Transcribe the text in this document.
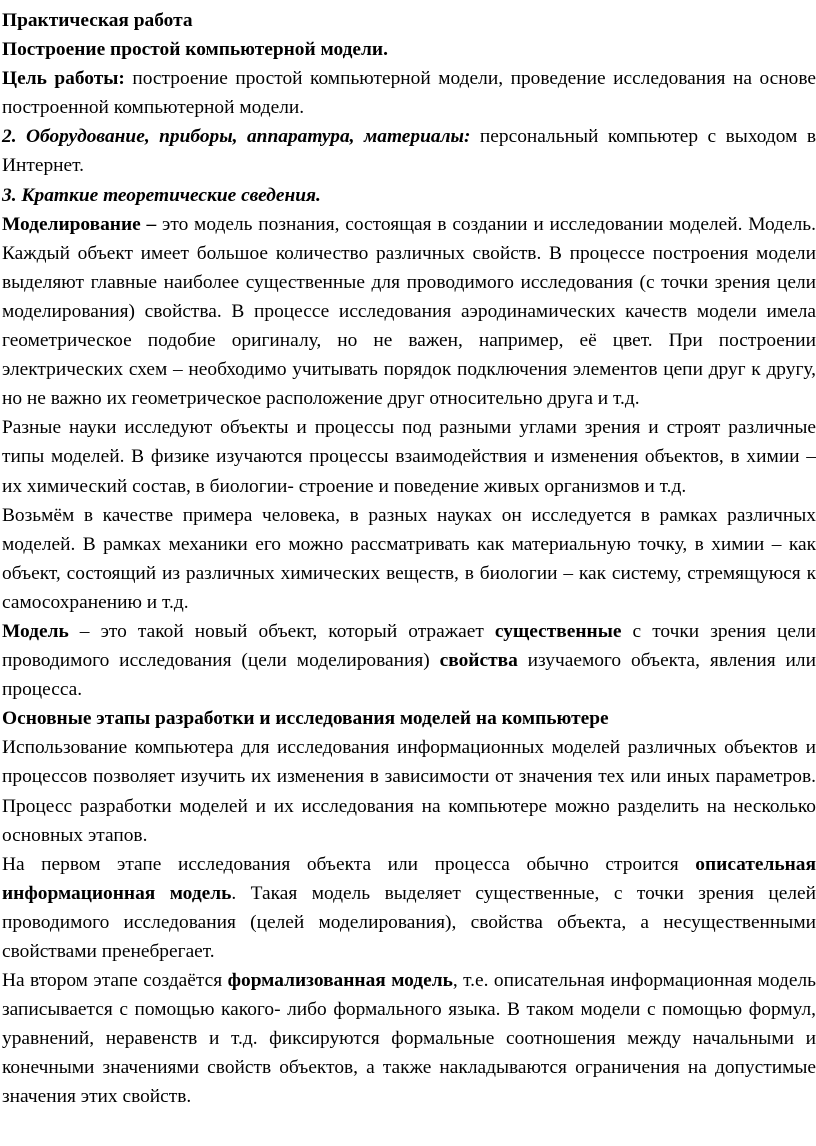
Практическая работа

Построение простой компьютерной модели.

Цель работы: построение простой компьютерной модели, проведение исследования на основе построенной компьютерной модели.

2. Оборудование, приборы, аппаратура, материалы: персональный компьютер с выходом в Интернет.

3. Краткие теоретические сведения.

Моделирование – это модель познания, состоящая в создании и исследовании моделей. Модель. Каждый объект имеет большое количество различных свойств. В процессе построения модели выделяют главные наиболее существенные для проводимого исследования (с точки зрения цели моделирования) свойства. В процессе исследования аэродинамических качеств модели имела геометрическое подобие оригиналу, но не важен, например, её цвет. При построении электрических схем – необходимо учитывать порядок подключения элементов цепи друг к другу, но не важно их геометрическое расположение друг относительно друга и т.д.

Разные науки исследуют объекты и процессы под разными углами зрения и строят различные типы моделей. В физике изучаются процессы взаимодействия и изменения объектов, в химии – их химический состав, в биологии- строение и поведение живых организмов и т.д.

Возьмём в качестве примера человека, в разных науках он исследуется в рамках различных моделей. В рамках механики его можно рассматривать как материальную точку, в химии – как объект, состоящий из различных химических веществ, в биологии – как систему, стремящуюся к самосохранению и т.д.

Модель – это такой новый объект, который отражает существенные с точки зрения цели проводимого исследования (цели моделирования) свойства изучаемого объекта, явления или процесса.

Основные этапы разработки и исследования моделей на компьютере

Использование компьютера для исследования информационных моделей различных объектов и процессов позволяет изучить их изменения в зависимости от значения тех или иных параметров. Процесс разработки моделей и их исследования на компьютере можно разделить на несколько основных этапов.

На первом этапе исследования объекта или процесса обычно строится описательная информационная модель. Такая модель выделяет существенные, с точки зрения целей проводимого исследования (целей моделирования), свойства объекта, а несущественными свойствами пренебрегает.

На втором этапе создаётся формализованная модель, т.е. описательная информационная модель записывается с помощью какого- либо формального языка. В таком модели с помощью формул, уравнений, неравенств и т.д. фиксируются формальные соотношения между начальными и конечными значениями свойств объектов, а также накладываются ограничения на допустимые значения этих свойств.
